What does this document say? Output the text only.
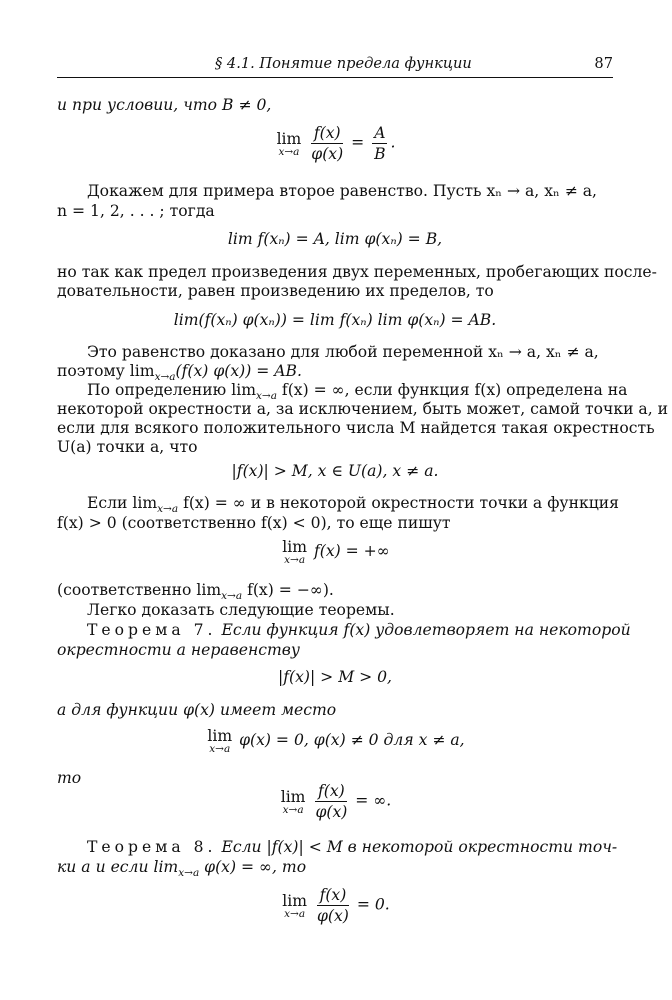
§ 4.1. Понятие предела функции	87
и при условии, что B ≠ 0,
lim
x→a
$\frac{f(x)}{\varphi(x)} = \frac{A}{B}$ .
Докажем для примера второе равенство. Пусть xₙ → a, xₙ ≠ a,
n = 1, 2, . . . ; тогда
lim f(xₙ) = A, lim φ(xₙ) = B,
но так как предел произведения двух переменных, пробегающих после-
довательности, равен произведению их пределов, то
lim(f(xₙ) φ(xₙ)) = lim f(xₙ) lim φ(xₙ) = AB.
Это равенство доказано для любой переменной xₙ → a, xₙ ≠ a,
поэтому $\lim_{x\to a}(f(x) \varphi(x))$ = AB.
По определению $\lim_{x\to a} f(x)$ = ∞, если функция f(x) определена на
некоторой окрестности a, за исключением, быть может, самой точки a, и
если для всякого положительного числа M найдется такая окрестность
U(a) точки a, что
|f(x)| > M, x ∈ U(a), x ≠ a.
Если $\lim_{x\to a} f(x)$ = ∞ и в некоторой окрестности точки a функция
f(x) > 0 (соответственно f(x) < 0), то еще пишут
lim
x→a f(x) = +∞
(соответственно $\lim_{x\to a} f(x)$ = −∞).
Легко доказать следующие теоремы.
Теорема 7. Если функция f(x) удовлетворяет на некоторой
окрестности a неравенству
|f(x)| > M > 0,
а для функции φ(x) имеет место
lim
x→a φ(x) = 0, φ(x) ≠ 0 для x ≠ a,
то
lim
x→a
$\frac{f(x)}{\varphi(x)}$ = ∞.
Теорема 8. Если |f(x)| < M в некоторой окрестности точ-
ки a и если $\lim_{x\to a} \varphi(x)$ = ∞, то
lim
x→a
$\frac{f(x)}{\varphi(x)} = 0$.
